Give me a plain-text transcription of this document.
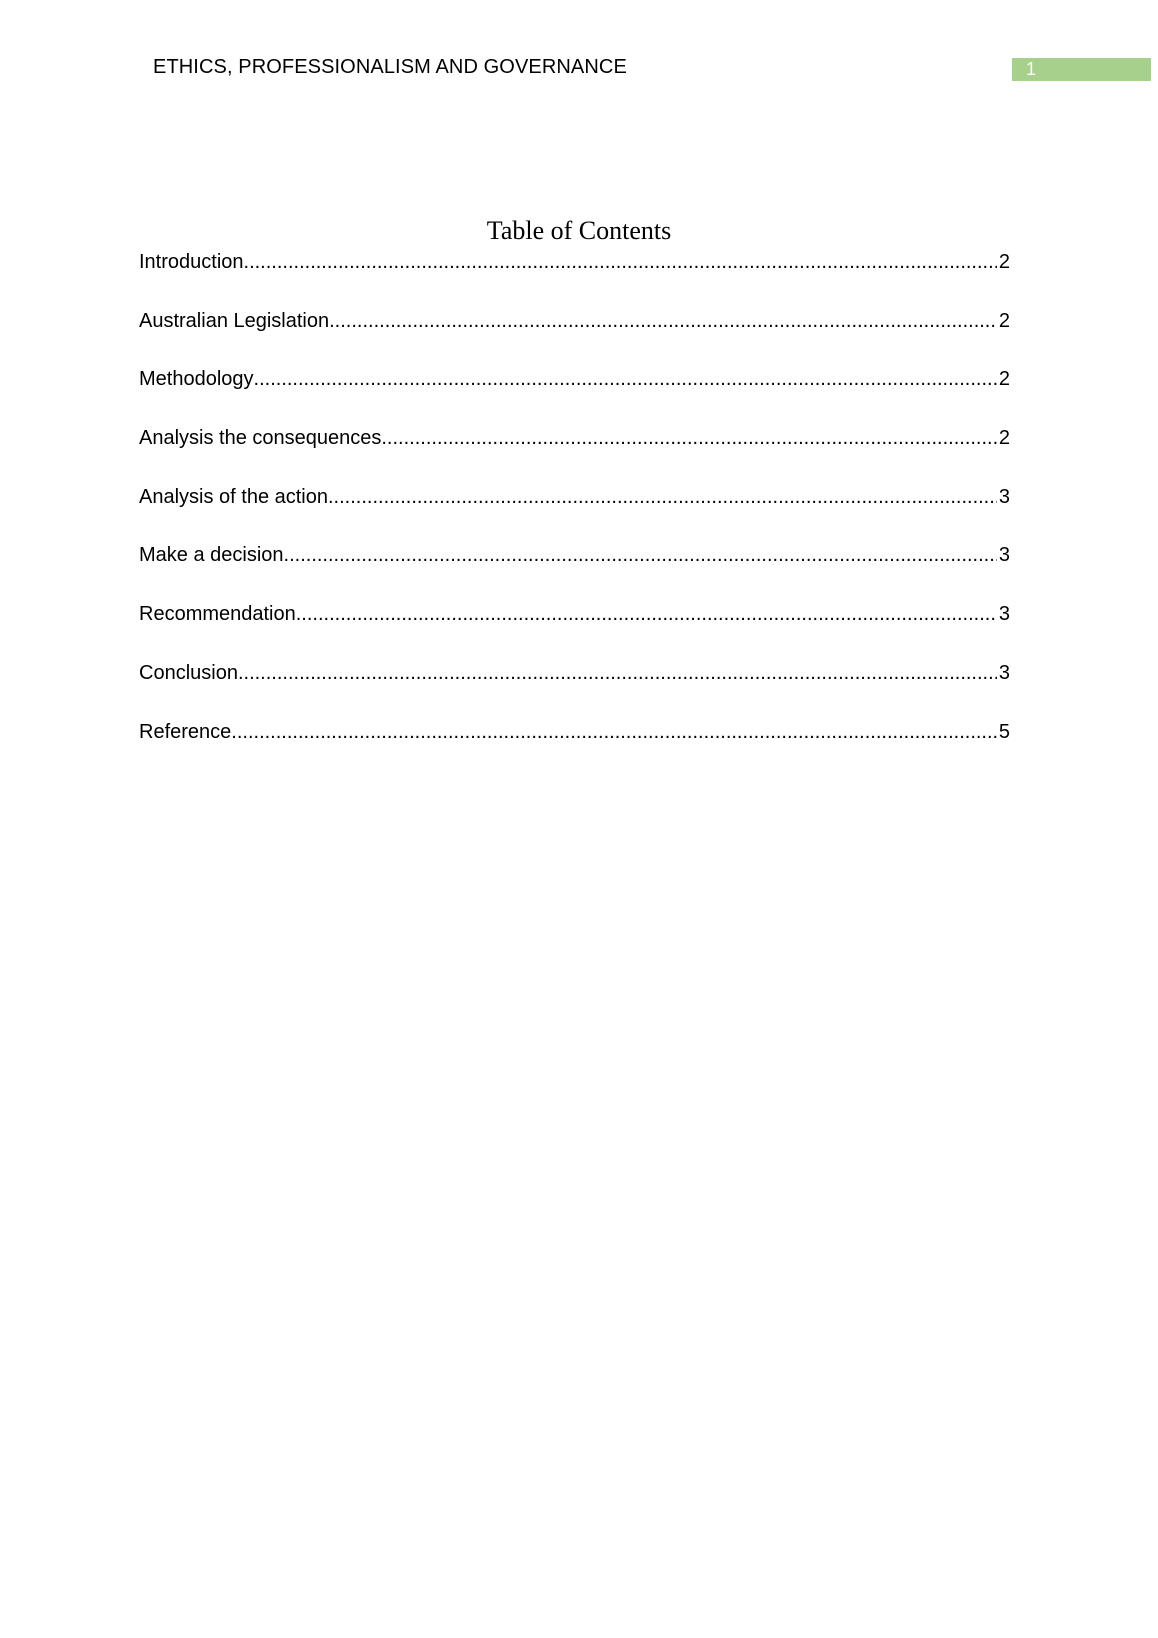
ETHICS, PROFESSIONALISM AND GOVERNANCE	1
Table of Contents
Introduction .....	2
Australian Legislation .....	2
Methodology .....	2
Analysis the consequences .....	2
Analysis of the action .....	3
Make a decision .....	3
Recommendation .....	3
Conclusion .....	3
Reference .....	5
